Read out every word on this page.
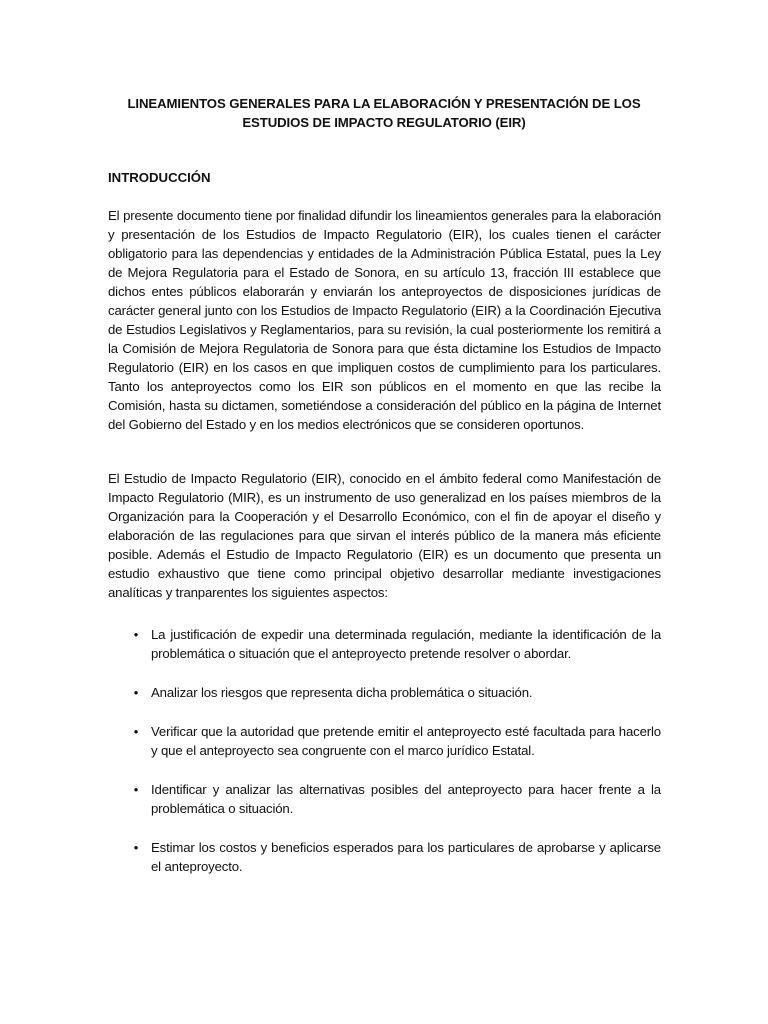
LINEAMIENTOS GENERALES PARA LA ELABORACIÓN Y PRESENTACIÓN DE LOS ESTUDIOS DE IMPACTO REGULATORIO (EIR)
INTRODUCCIÓN
El presente documento tiene por finalidad difundir los lineamientos generales para la elaboración y presentación de los Estudios de Impacto Regulatorio (EIR), los cuales tienen el carácter obligatorio para las dependencias y entidades de la Administración Pública Estatal, pues la Ley de Mejora Regulatoria para el Estado de Sonora, en su artículo 13, fracción III establece que dichos entes públicos elaborarán y enviarán los anteproyectos de disposiciones jurídicas de carácter general junto con los Estudios de Impacto Regulatorio (EIR) a la Coordinación Ejecutiva de Estudios Legislativos y Reglamentarios, para su revisión, la cual posteriormente los remitirá a la Comisión de Mejora Regulatoria de Sonora para que ésta dictamine los Estudios de Impacto Regulatorio (EIR) en los casos en que impliquen costos de cumplimiento para los particulares. Tanto los anteproyectos como los EIR son públicos en el momento en que las recibe la Comisión, hasta su dictamen, sometiéndose a consideración del público en la página de Internet del Gobierno del Estado y en los medios electrónicos que se consideren oportunos.
El Estudio de Impacto Regulatorio (EIR), conocido en el ámbito federal como Manifestación de Impacto Regulatorio (MIR), es un instrumento de uso generalizad en los países miembros de la Organización para la Cooperación y el Desarrollo Económico, con el fin de apoyar el diseño y elaboración de las regulaciones para que sirvan el interés público de la manera más eficiente posible. Además el Estudio de Impacto Regulatorio (EIR) es un documento que presenta un estudio exhaustivo que tiene como principal objetivo desarrollar mediante investigaciones analíticas y tranparentes los siguientes aspectos:
• La justificación de expedir una determinada regulación, mediante la identificación de la problemática o situación que el anteproyecto pretende resolver o abordar.
• Analizar los riesgos que representa dicha problemática o situación.
• Verificar que la autoridad que pretende emitir el anteproyecto esté facultada para hacerlo y que el anteproyecto sea congruente con el marco jurídico Estatal.
• Identificar y analizar las alternativas posibles del anteproyecto para hacer frente a la problemática o situación.
• Estimar los costos y beneficios esperados para los particulares de aprobarse y aplicarse el anteproyecto.
